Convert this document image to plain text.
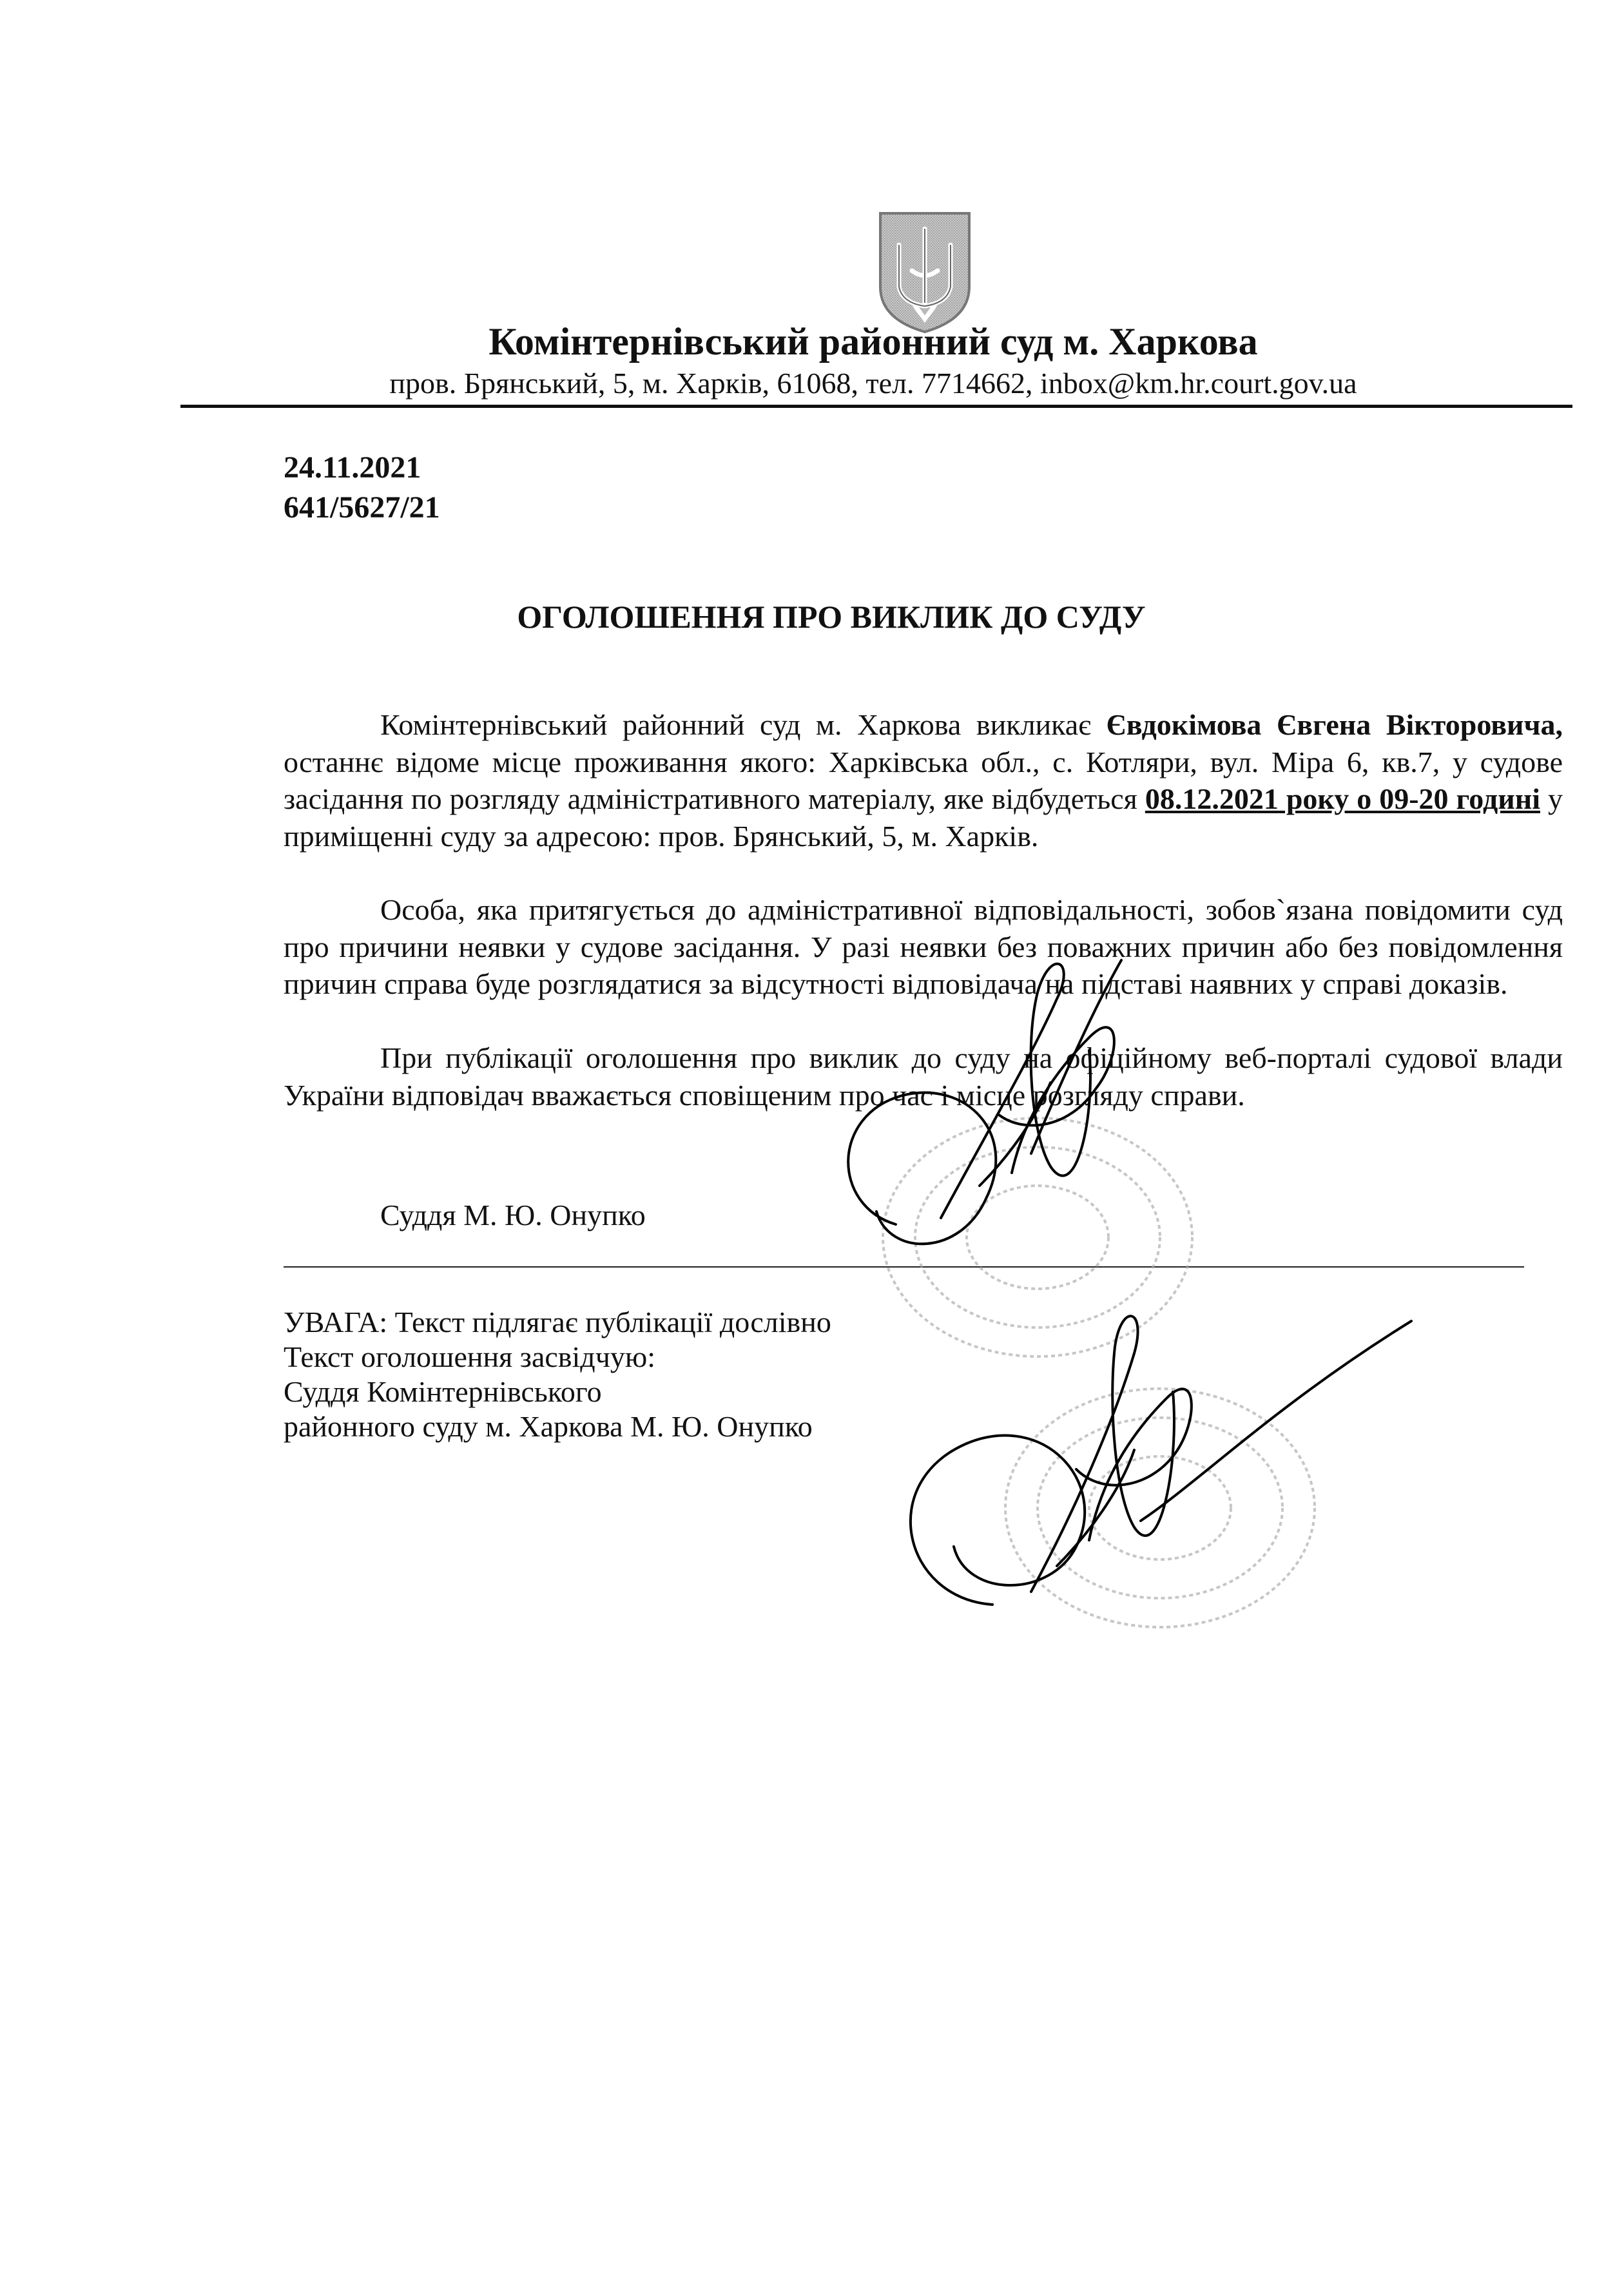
Комінтернівський районний суд м. Харкова
пров. Брянський, 5, м. Харків, 61068, тел. 7714662, inbox@km.hr.court.gov.ua
24.11.2021
641/5627/21
ОГОЛОШЕННЯ ПРО ВИКЛИК ДО СУДУ

Комінтернівський районний суд м. Харкова викликає Євдокімова Євгена Вікторовича, останнє відоме місце проживання якого: Харківська обл., с. Котляри, вул. Міра 6, кв.7, у судове засідання по розгляду адміністративного матеріалу, яке відбудеться 08.12.2021 року о 09-20 годині у приміщенні суду за адресою: пров. Брянський, 5, м. Харків.

Особа, яка притягується до адміністративної відповідальності, зобов`язана повідомити суд про причини неявки у судове засідання. У разі неявки без поважних причин або без повідомлення причин справа буде розглядатися за відсутності відповідача на підставі наявних у справі доказів.

При публікації оголошення про виклик до суду на офіційному веб-порталі судової влади України відповідач вважається сповіщеним про час і місце розгляду справи.

Суддя М. Ю. Онупко
УВАГА: Текст підлягає публікації дослівно
Текст оголошення засвідчую:
Суддя Комінтернівського
районного суду м. Харкова М. Ю. Онупко
